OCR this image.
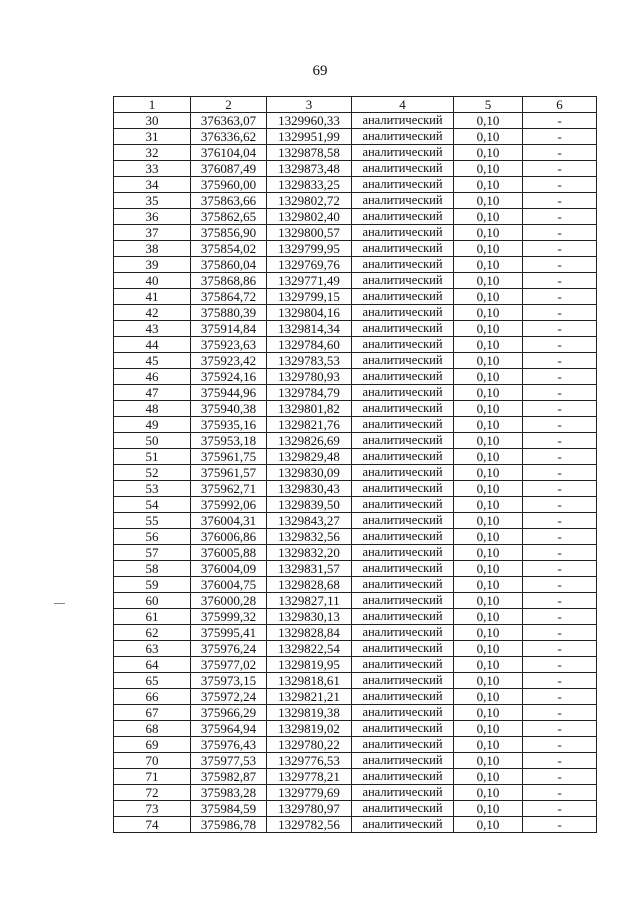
69
1	2	3	4	5	6
30	376363,07	1329960,33	аналитический	0,10	-
31	376336,62	1329951,99	аналитический	0,10	-
32	376104,04	1329878,58	аналитический	0,10	-
33	376087,49	1329873,48	аналитический	0,10	-
34	375960,00	1329833,25	аналитический	0,10	-
35	375863,66	1329802,72	аналитический	0,10	-
36	375862,65	1329802,40	аналитический	0,10	-
37	375856,90	1329800,57	аналитический	0,10	-
38	375854,02	1329799,95	аналитический	0,10	-
39	375860,04	1329769,76	аналитический	0,10	-
40	375868,86	1329771,49	аналитический	0,10	-
41	375864,72	1329799,15	аналитический	0,10	-
42	375880,39	1329804,16	аналитический	0,10	-
43	375914,84	1329814,34	аналитический	0,10	-
44	375923,63	1329784,60	аналитический	0,10	-
45	375923,42	1329783,53	аналитический	0,10	-
46	375924,16	1329780,93	аналитический	0,10	-
47	375944,96	1329784,79	аналитический	0,10	-
48	375940,38	1329801,82	аналитический	0,10	-
49	375935,16	1329821,76	аналитический	0,10	-
50	375953,18	1329826,69	аналитический	0,10	-
51	375961,75	1329829,48	аналитический	0,10	-
52	375961,57	1329830,09	аналитический	0,10	-
53	375962,71	1329830,43	аналитический	0,10	-
54	375992,06	1329839,50	аналитический	0,10	-
55	376004,31	1329843,27	аналитический	0,10	-
56	376006,86	1329832,56	аналитический	0,10	-
57	376005,88	1329832,20	аналитический	0,10	-
58	376004,09	1329831,57	аналитический	0,10	-
59	376004,75	1329828,68	аналитический	0,10	-
60	376000,28	1329827,11	аналитический	0,10	-
61	375999,32	1329830,13	аналитический	0,10	-
62	375995,41	1329828,84	аналитический	0,10	-
63	375976,24	1329822,54	аналитический	0,10	-
64	375977,02	1329819,95	аналитический	0,10	-
65	375973,15	1329818,61	аналитический	0,10	-
66	375972,24	1329821,21	аналитический	0,10	-
67	375966,29	1329819,38	аналитический	0,10	-
68	375964,94	1329819,02	аналитический	0,10	-
69	375976,43	1329780,22	аналитический	0,10	-
70	375977,53	1329776,53	аналитический	0,10	-
71	375982,87	1329778,21	аналитический	0,10	-
72	375983,28	1329779,69	аналитический	0,10	-
73	375984,59	1329780,97	аналитический	0,10	-
74	375986,78	1329782,56	аналитический	0,10	-
